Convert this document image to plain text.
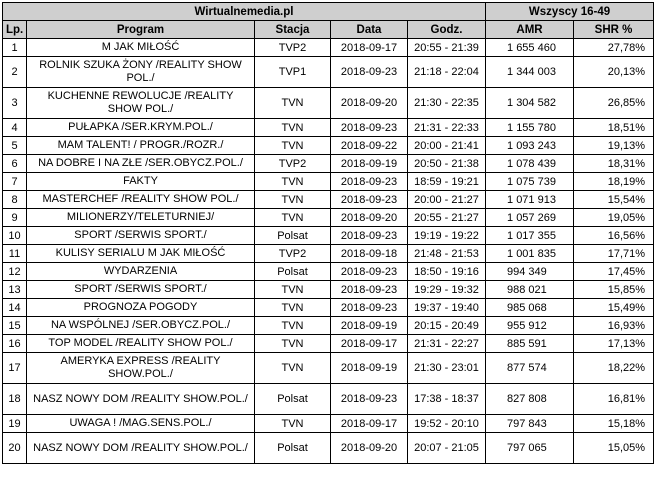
Wirtualnemedia.pl					Wszyscy 16-49	
Lp.	Program	Stacja	Data	Godz.	AMR	SHR %
1	M JAK MIŁOŚĆ	TVP2	2018-09-17	20:55 - 21:39	1 655 460	27,78%
2	ROLNIK SZUKA ŻONY /REALITY SHOW POL./	TVP1	2018-09-23	21:18 - 22:04	1 344 003	20,13%
3	KUCHENNE REWOLUCJE /REALITY SHOW POL./	TVN	2018-09-20	21:30 - 22:35	1 304 582	26,85%
4	PUŁAPKA /SER.KRYM.POL./	TVN	2018-09-23	21:31 - 22:33	1 155 780	18,51%
5	MAM TALENT! / PROGR./ROZR./	TVN	2018-09-22	20:00 - 21:41	1 093 243	19,13%
6	NA DOBRE I NA ZŁE /SER.OBYCZ.POL./	TVP2	2018-09-19	20:50 - 21:38	1 078 439	18,31%
7	FAKTY	TVN	2018-09-23	18:59 - 19:21	1 075 739	18,19%
8	MASTERCHEF /REALITY SHOW POL./	TVN	2018-09-23	20:00 - 21:27	1 071 913	15,54%
9	MILIONERZY/TELETURNIEJ/	TVN	2018-09-20	20:55 - 21:27	1 057 269	19,05%
10	SPORT /SERWIS SPORT./	Polsat	2018-09-23	19:19 - 19:22	1 017 355	16,56%
11	KULISY SERIALU M JAK MIŁOŚĆ	TVP2	2018-09-18	21:48 - 21:53	1 001 835	17,71%
12	WYDARZENIA	Polsat	2018-09-23	18:50 - 19:16	994 349	17,45%
13	SPORT /SERWIS SPORT./	TVN	2018-09-23	19:29 - 19:32	988 021	15,85%
14	PROGNOZA POGODY	TVN	2018-09-23	19:37 - 19:40	985 068	15,49%
15	NA WSPÓLNEJ /SER.OBYCZ.POL./	TVN	2018-09-19	20:15 - 20:49	955 912	16,93%
16	TOP MODEL /REALITY SHOW POL./	TVN	2018-09-17	21:31 - 22:27	885 591	17,13%
17	AMERYKA EXPRESS /REALITY SHOW.POL./	TVN	2018-09-19	21:30 - 23:01	877 574	18,22%
18	NASZ NOWY DOM /REALITY SHOW.POL./	Polsat	2018-09-23	17:38 - 18:37	827 808	16,81%
19	UWAGA ! /MAG.SENS.POL./	TVN	2018-09-17	19:52 - 20:10	797 843	15,18%
20	NASZ NOWY DOM /REALITY SHOW.POL./	Polsat	2018-09-20	20:07 - 21:05	797 065	15,05%
